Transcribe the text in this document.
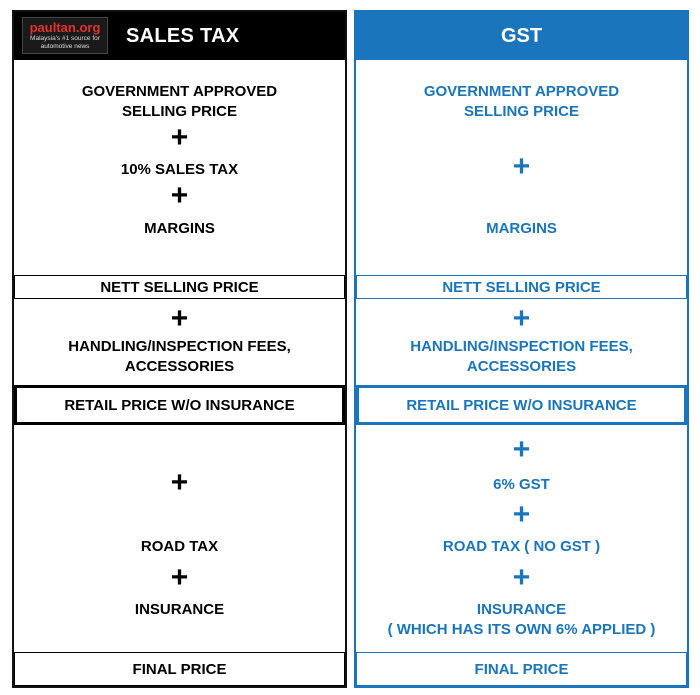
paultan.org
Malaysia's #1 source for automotive news	SALES TAX
GOVERNMENT APPROVED
SELLING PRICE
+
10% SALES TAX
+
MARGINS
NETT SELLING PRICE
+
HANDLING/INSPECTION FEES,
ACCESSORIES
RETAIL PRICE W/O INSURANCE
+
ROAD TAX
+
INSURANCE
FINAL PRICE
GST
GOVERNMENT APPROVED
SELLING PRICE
+
MARGINS
NETT SELLING PRICE
+
HANDLING/INSPECTION FEES,
ACCESSORIES
RETAIL PRICE W/O INSURANCE
+
6% GST
+
ROAD TAX ( NO GST )
+
INSURANCE
( WHICH HAS ITS OWN 6% APPLIED )
FINAL PRICE
